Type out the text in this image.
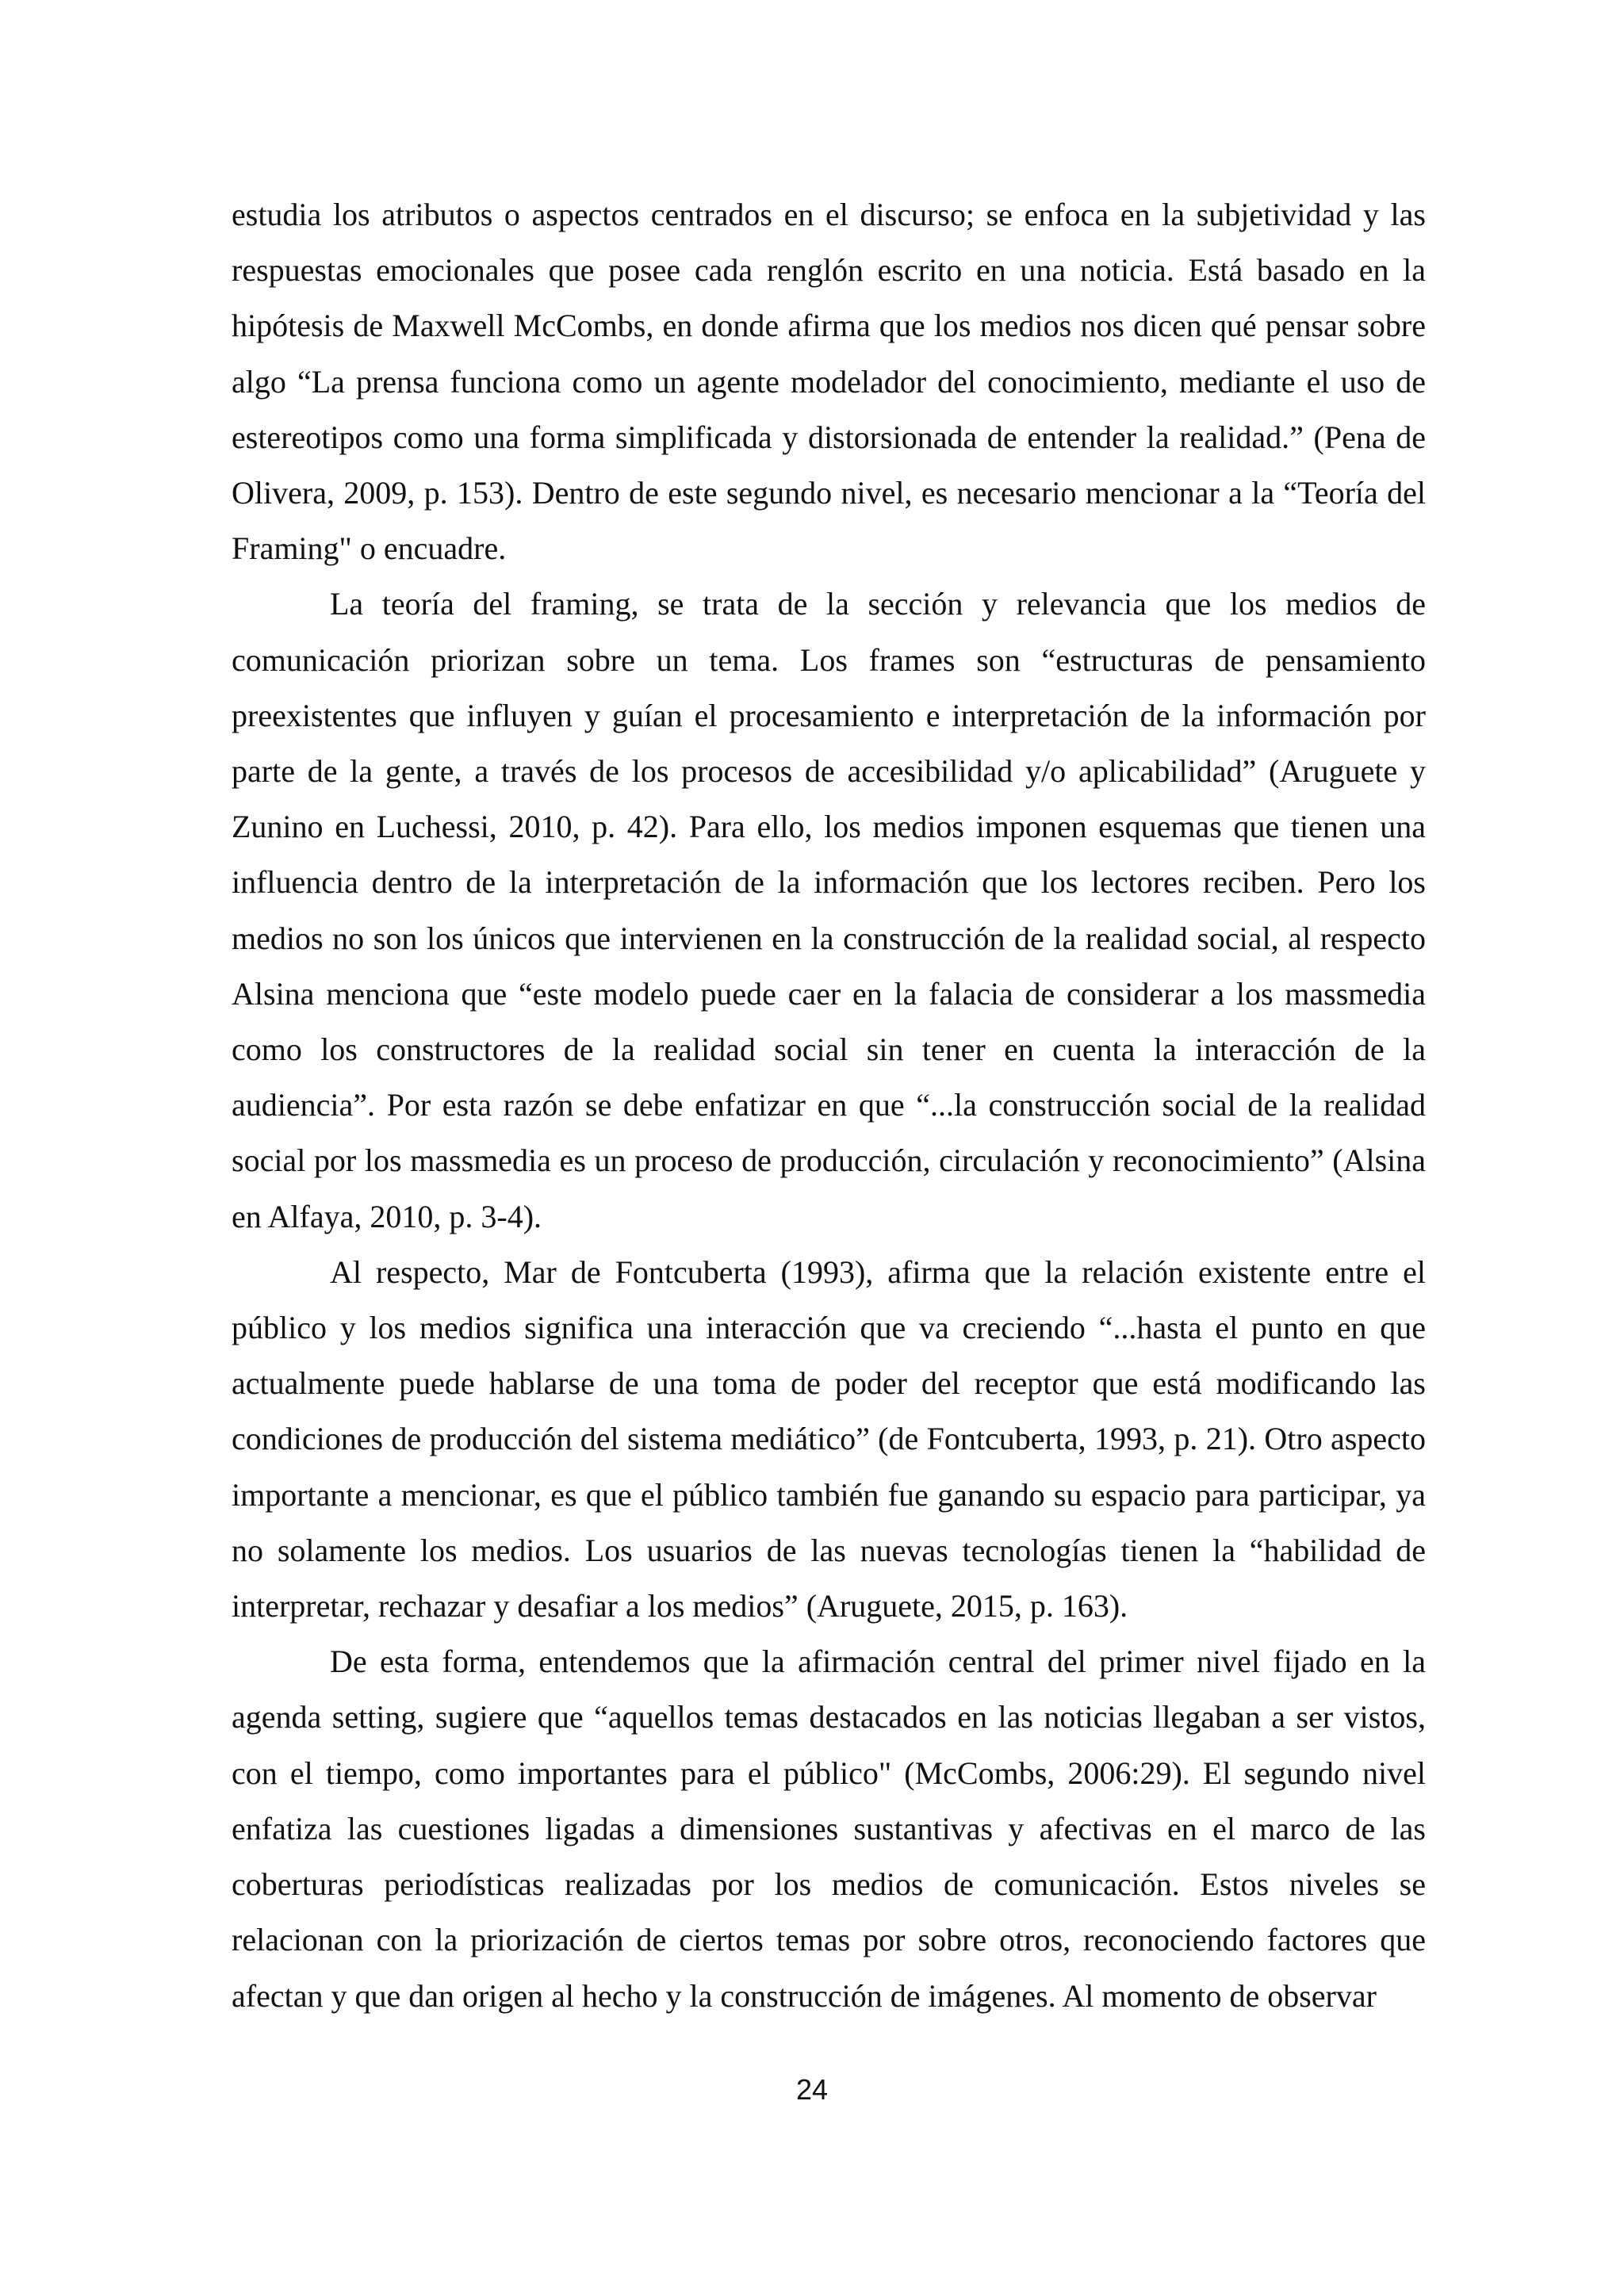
estudia los atributos o aspectos centrados en el discurso; se enfoca en la subjetividad y las respuestas emocionales que posee cada renglón escrito en una noticia. Está basado en la hipótesis de Maxwell McCombs, en donde afirma que los medios nos dicen qué pensar sobre algo “La prensa funciona como un agente modelador del conocimiento, mediante el uso de estereotipos como una forma simplificada y distorsionada de entender la realidad.” (Pena de Olivera, 2009, p. 153). Dentro de este segundo nivel, es necesario mencionar a la “Teoría del Framing" o encuadre.

La teoría del framing, se trata de la sección y relevancia que los medios de comunicación priorizan sobre un tema. Los frames son “estructuras de pensamiento preexistentes que influyen y guían el procesamiento e interpretación de la información por parte de la gente, a través de los procesos de accesibilidad y/o aplicabilidad” (Aruguete y Zunino en Luchessi, 2010, p. 42). Para ello, los medios imponen esquemas que tienen una influencia dentro de la interpretación de la información que los lectores reciben. Pero los medios no son los únicos que intervienen en la construcción de la realidad social, al respecto Alsina menciona que “este modelo puede caer en la falacia de considerar a los massmedia como los constructores de la realidad social sin tener en cuenta la interacción de la audiencia”. Por esta razón se debe enfatizar en que “...la construcción social de la realidad social por los massmedia es un proceso de producción, circulación y reconocimiento” (Alsina en Alfaya, 2010, p. 3-4).

Al respecto, Mar de Fontcuberta (1993), afirma que la relación existente entre el público y los medios significa una interacción que va creciendo “...hasta el punto en que actualmente puede hablarse de una toma de poder del receptor que está modificando las condiciones de producción del sistema mediático” (de Fontcuberta, 1993, p. 21). Otro aspecto importante a mencionar, es que el público también fue ganando su espacio para participar, ya no solamente los medios. Los usuarios de las nuevas tecnologías tienen la “habilidad de interpretar, rechazar y desafiar a los medios” (Aruguete, 2015, p. 163).

De esta forma, entendemos que la afirmación central del primer nivel fijado en la agenda setting, sugiere que “aquellos temas destacados en las noticias llegaban a ser vistos, con el tiempo, como importantes para el público" (McCombs, 2006:29). El segundo nivel enfatiza las cuestiones ligadas a dimensiones sustantivas y afectivas en el marco de las coberturas periodísticas realizadas por los medios de comunicación. Estos niveles se relacionan con la priorización de ciertos temas por sobre otros, reconociendo factores que afectan y que dan origen al hecho y la construcción de imágenes. Al momento de observar

24
